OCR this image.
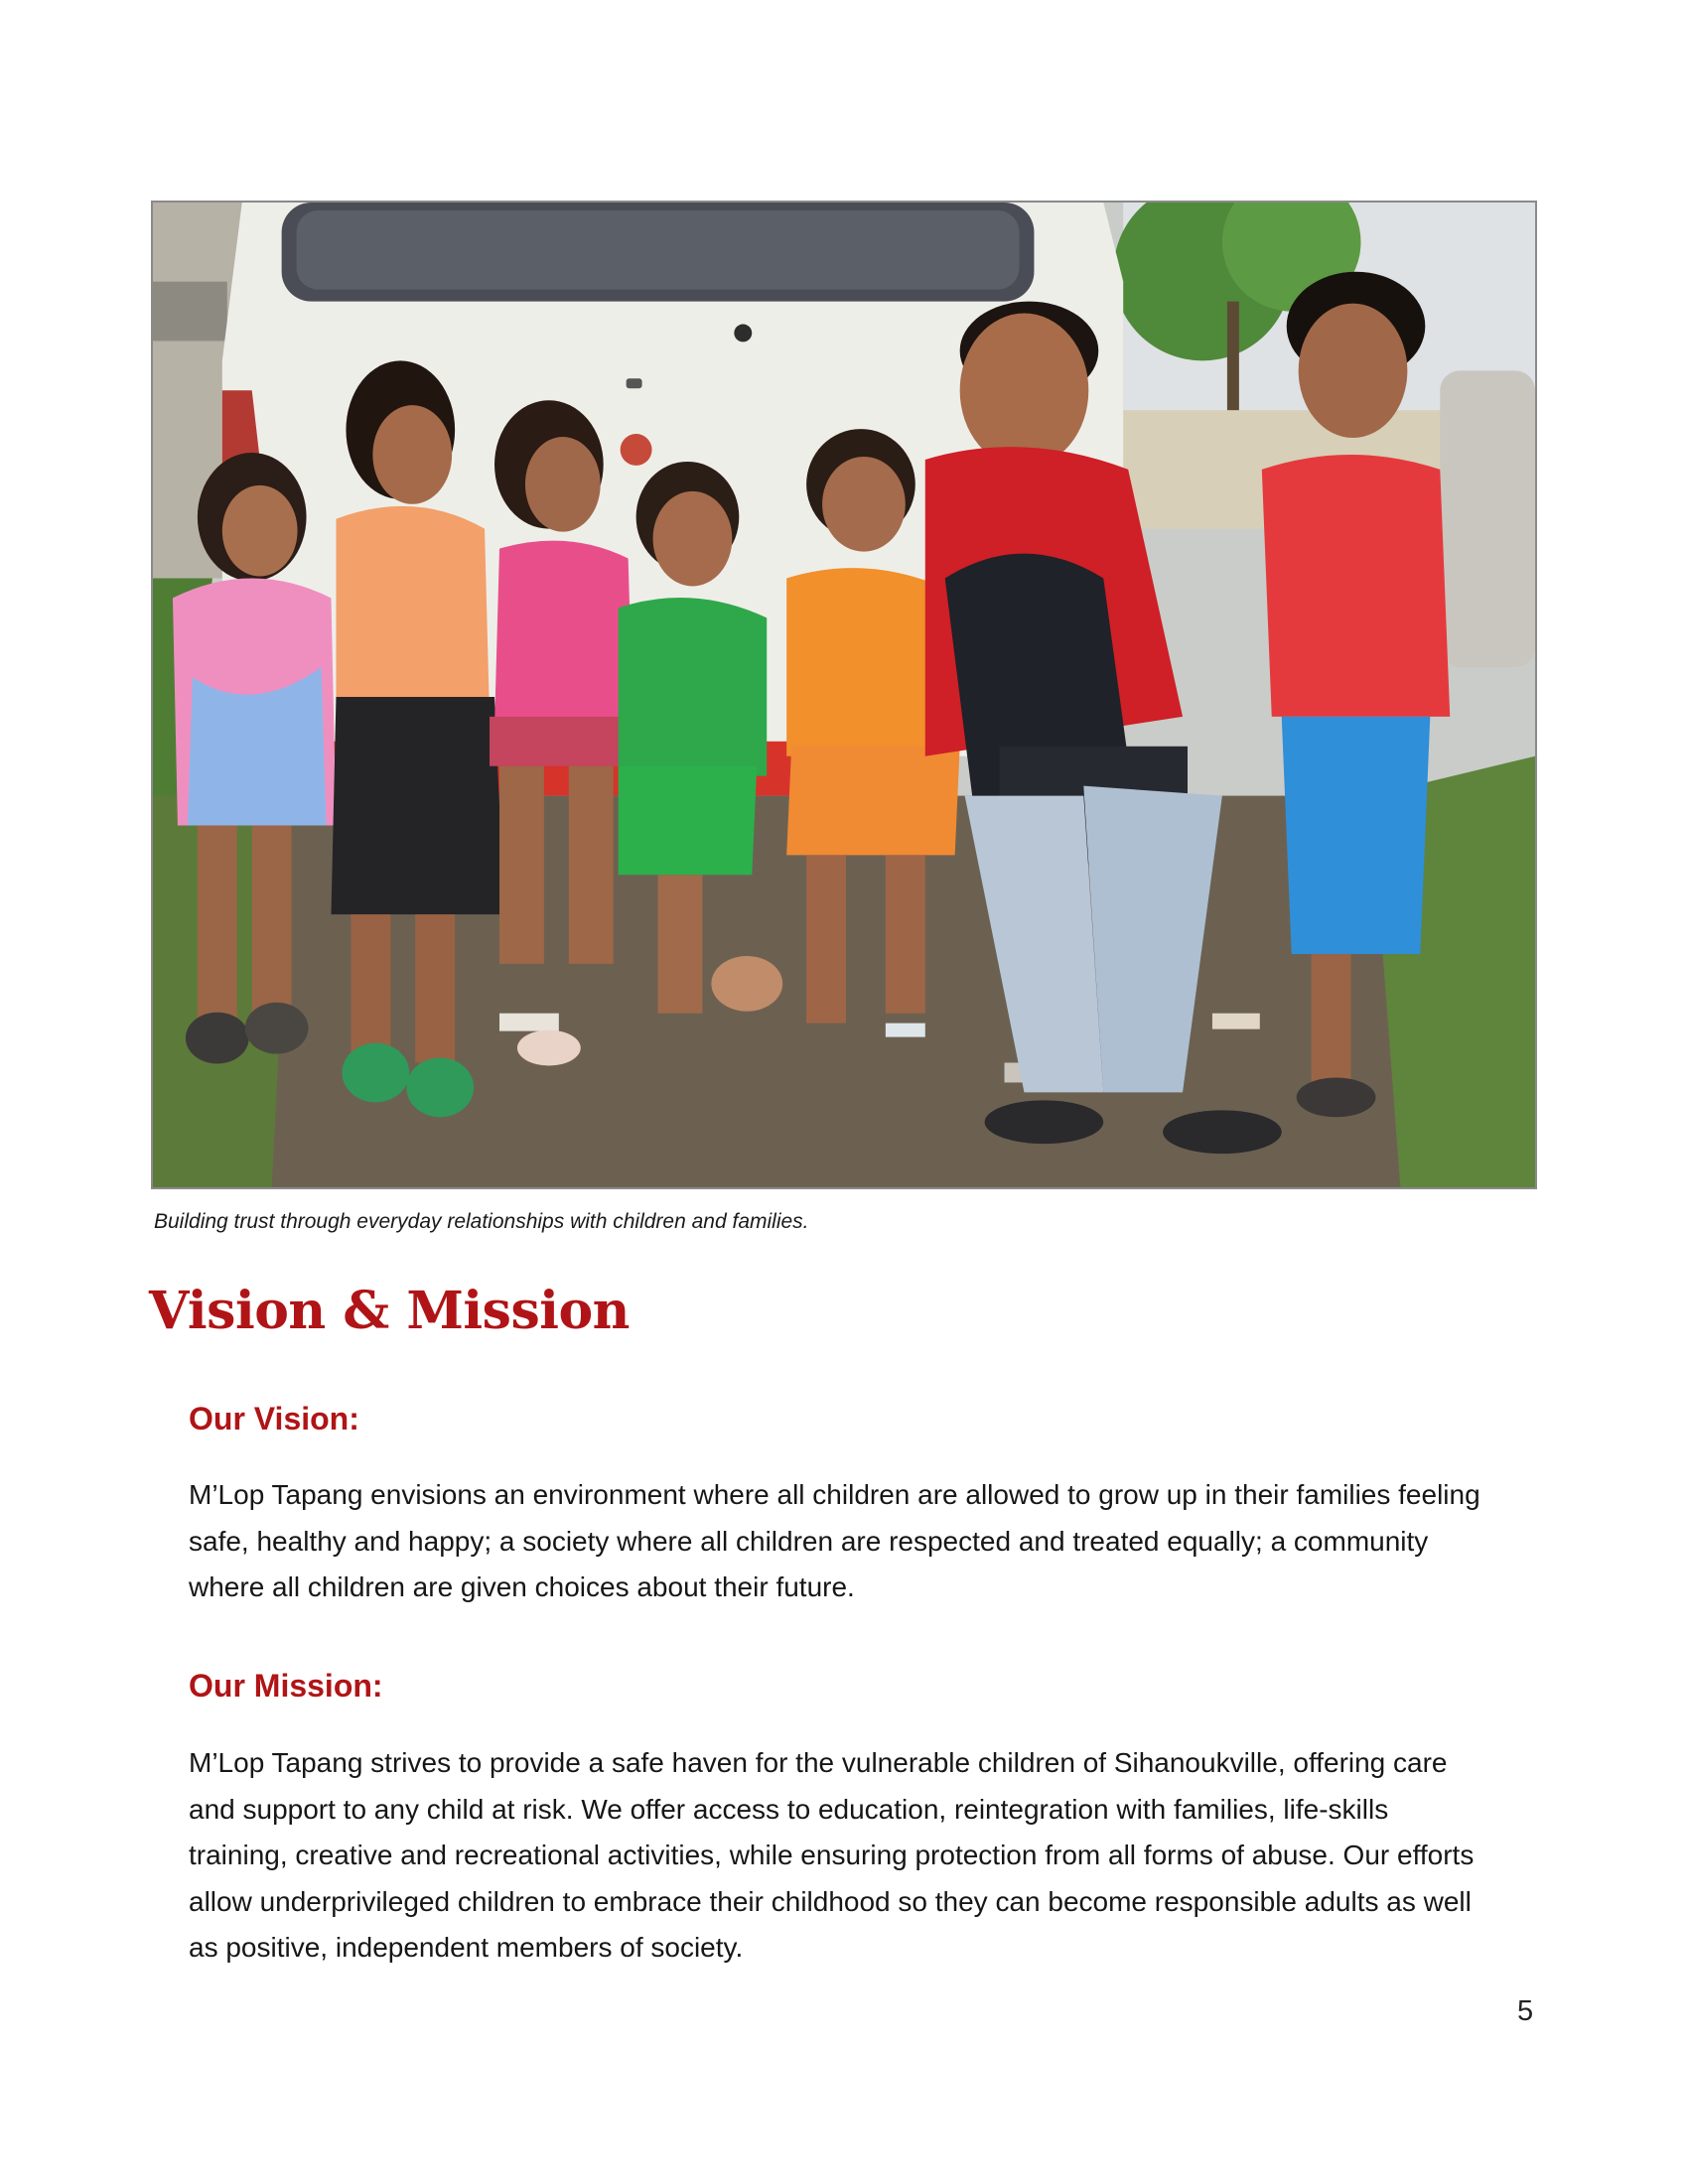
Building trust through everyday relationships with children and families.
Vision & Mission
Our Vision:

M’Lop Tapang envisions an environment where all children are allowed to grow up in their families feeling safe, healthy and happy; a society where all children are respected and treated equally; a community where all children are given choices about their future.

Our Mission:

M’Lop Tapang strives to provide a safe haven for the vulnerable children of Sihanoukville, offering care and support to any child at risk. We offer access to education, reintegration with families, life-skills training, creative and recreational activities, while ensuring protection from all forms of abuse. Our efforts allow underprivileged children to embrace their childhood so they can become responsible adults as well as positive, independent members of society.

5
